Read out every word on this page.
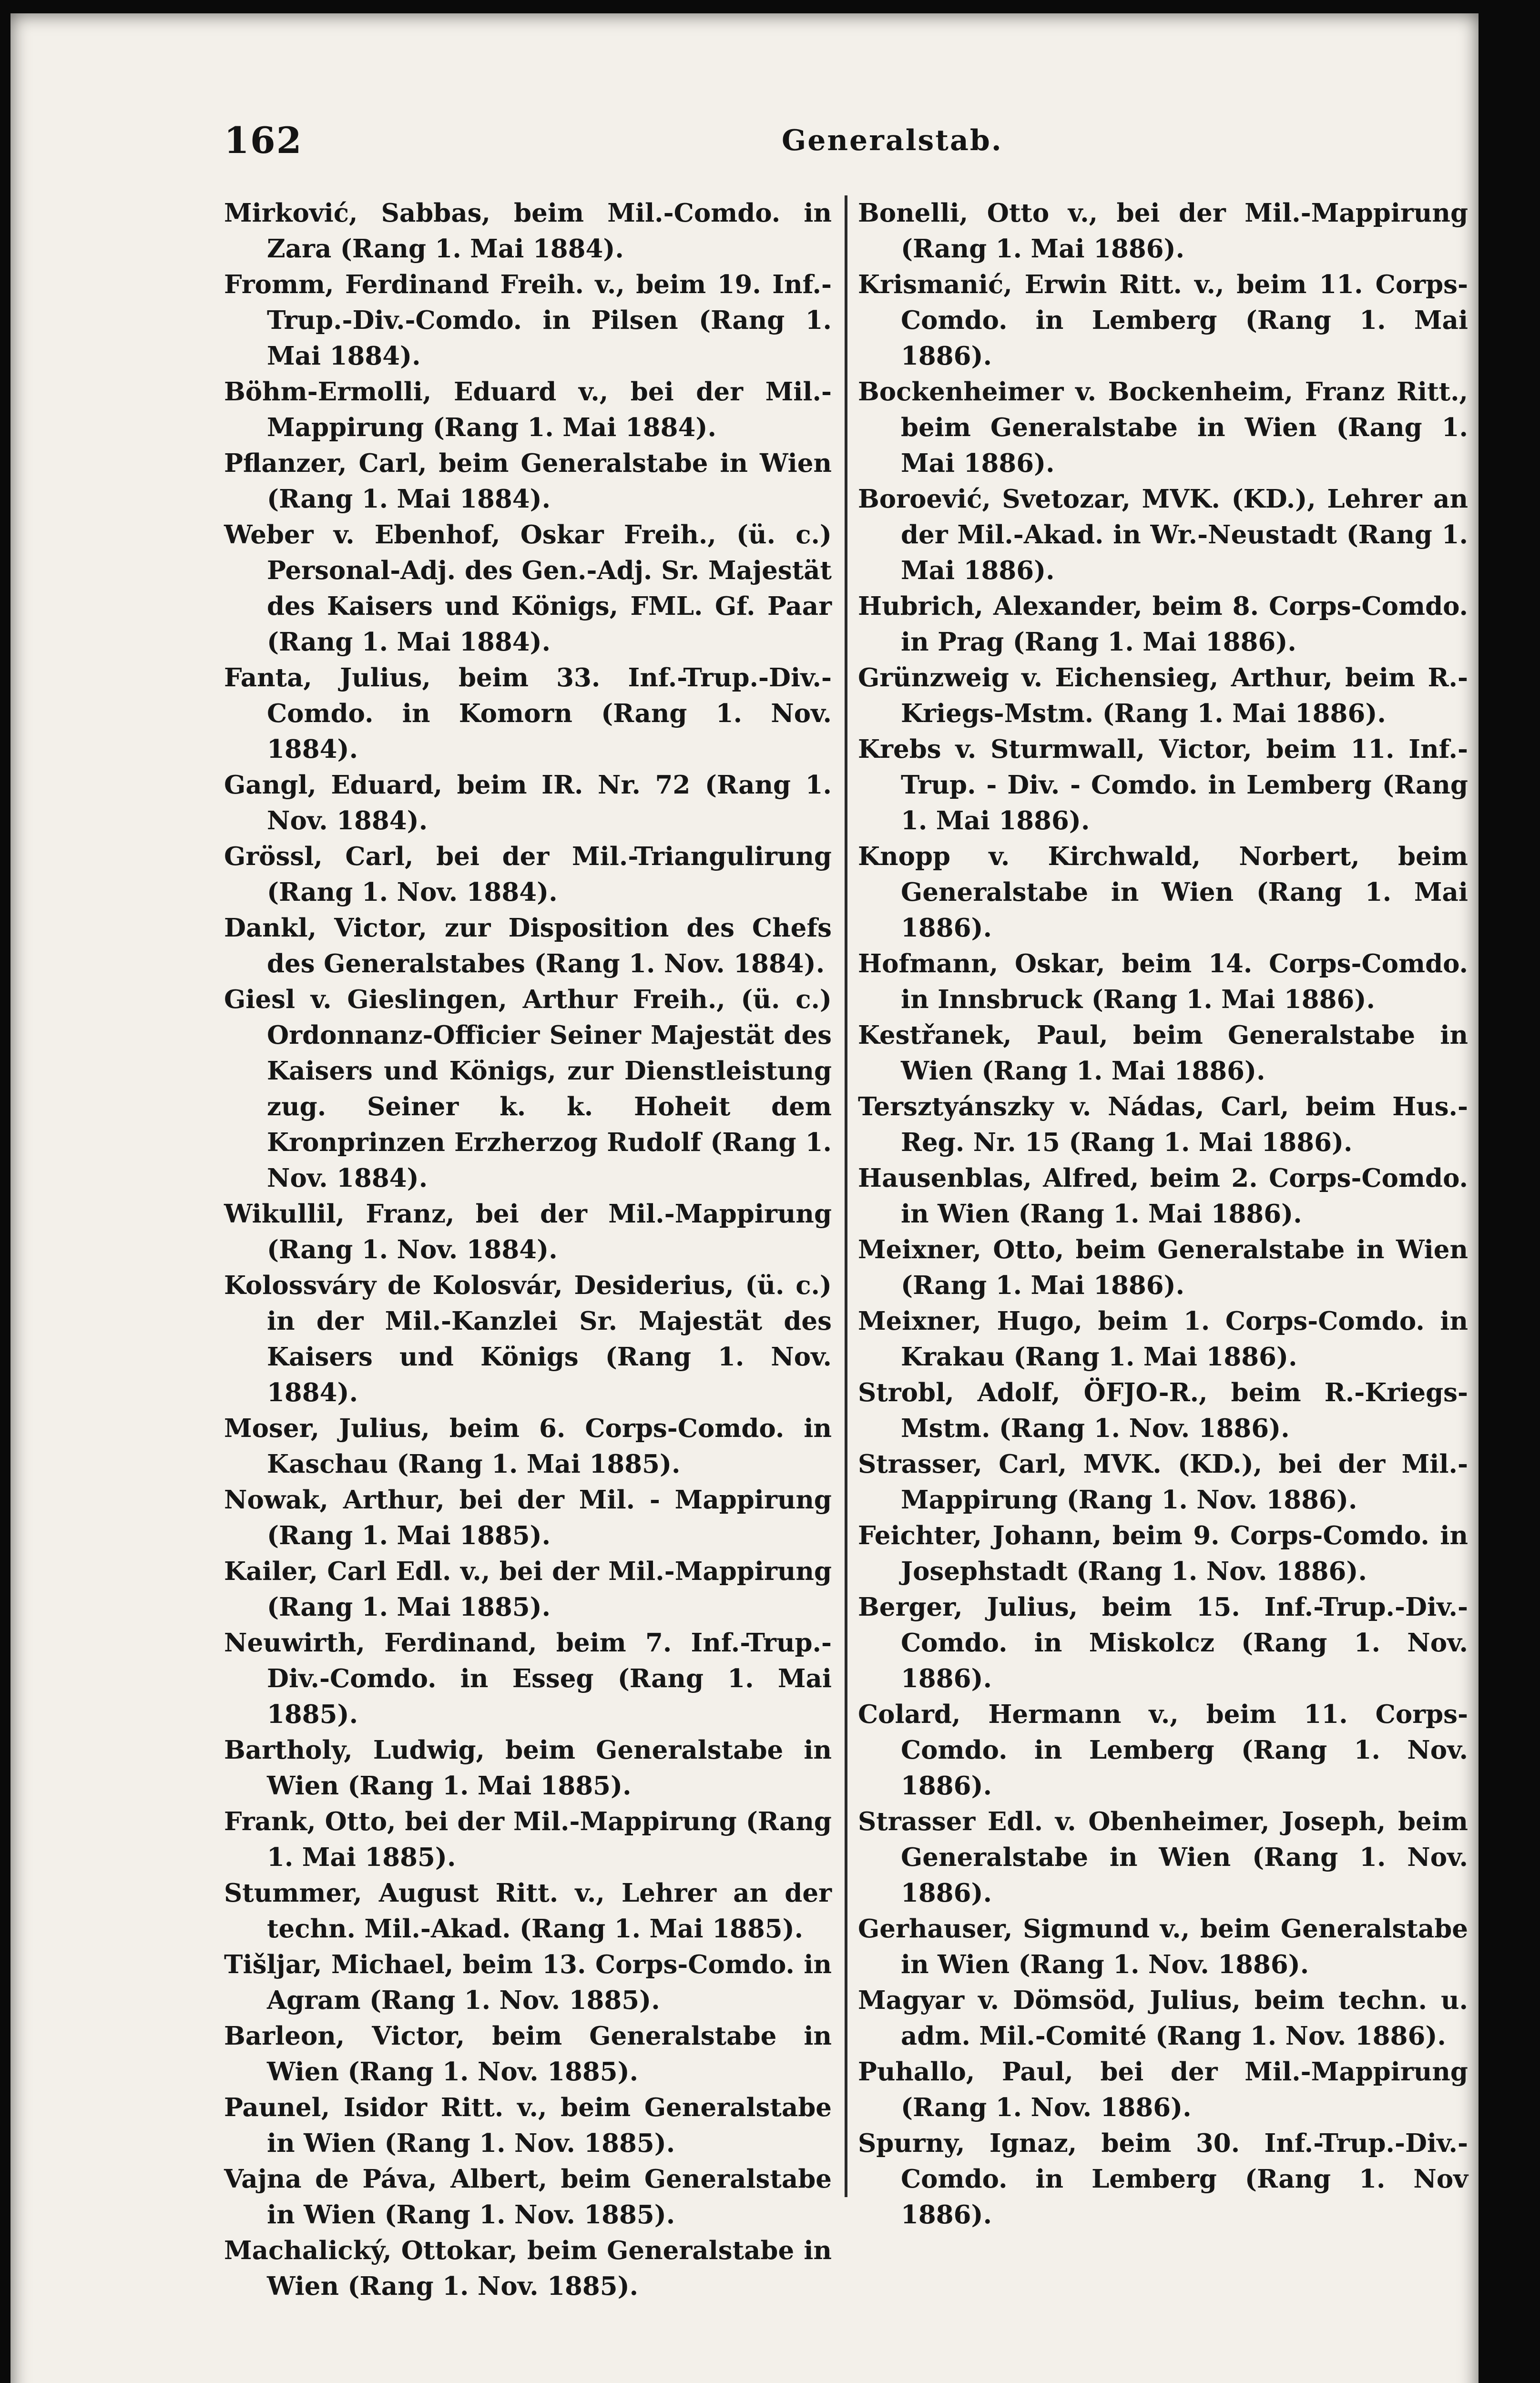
162	Generalstab.

Mirković, Sabbas, beim Mil.-Comdo. in Zara (Rang 1. Mai 1884).

Fromm, Ferdinand Freih. v., beim 19. Inf.-Trup.-Div.-Comdo. in Pilsen (Rang 1. Mai 1884).

Böhm-Ermolli, Eduard v., bei der Mil.-Mappirung (Rang 1. Mai 1884).

Pflanzer, Carl, beim Generalstabe in Wien (Rang 1. Mai 1884).

Weber v. Ebenhof, Oskar Freih., (ü. c.) Personal-Adj. des Gen.-Adj. Sr. Majestät des Kaisers und Königs, FML. Gf. Paar (Rang 1. Mai 1884).

Fanta, Julius, beim 33. Inf.-Trup.-Div.-Comdo. in Komorn (Rang 1. Nov. 1884).

Gangl, Eduard, beim IR. Nr. 72 (Rang 1. Nov. 1884).

Grössl, Carl, bei der Mil.-Triangulirung (Rang 1. Nov. 1884).

Dankl, Victor, zur Disposition des Chefs des Generalstabes (Rang 1. Nov. 1884).

Giesl v. Gieslingen, Arthur Freih., (ü. c.) Ordonnanz-Officier Seiner Majestät des Kaisers und Königs, zur Dienstleistung zug. Seiner k. k. Hoheit dem Kronprinzen Erzherzog Rudolf (Rang 1. Nov. 1884).

Wikullil, Franz, bei der Mil.-Mappirung (Rang 1. Nov. 1884).

Kolossváry de Kolosvár, Desiderius, (ü. c.) in der Mil.-Kanzlei Sr. Majestät des Kaisers und Königs (Rang 1. Nov. 1884).

Moser, Julius, beim 6. Corps-Comdo. in Kaschau (Rang 1. Mai 1885).

Nowak, Arthur, bei der Mil. - Mappirung (Rang 1. Mai 1885).

Kailer, Carl Edl. v., bei der Mil.-Mappirung (Rang 1. Mai 1885).

Neuwirth, Ferdinand, beim 7. Inf.-Trup.-Div.-Comdo. in Esseg (Rang 1. Mai 1885).

Bartholy, Ludwig, beim Generalstabe in Wien (Rang 1. Mai 1885).

Frank, Otto, bei der Mil.-Mappirung (Rang 1. Mai 1885).

Stummer, August Ritt. v., Lehrer an der techn. Mil.-Akad. (Rang 1. Mai 1885).

Tišljar, Michael, beim 13. Corps-Comdo. in Agram (Rang 1. Nov. 1885).

Barleon, Victor, beim Generalstabe in Wien (Rang 1. Nov. 1885).

Paunel, Isidor Ritt. v., beim Generalstabe in Wien (Rang 1. Nov. 1885).

Vajna de Páva, Albert, beim Generalstabe in Wien (Rang 1. Nov. 1885).

Machalický, Ottokar, beim Generalstabe in Wien (Rang 1. Nov. 1885).

Bonelli, Otto v., bei der Mil.-Mappirung (Rang 1. Mai 1886).

Krismanić, Erwin Ritt. v., beim 11. Corps-Comdo. in Lemberg (Rang 1. Mai 1886).

Bockenheimer v. Bockenheim, Franz Ritt., beim Generalstabe in Wien (Rang 1. Mai 1886).

Boroević, Svetozar, MVK. (KD.), Lehrer an der Mil.-Akad. in Wr.-Neustadt (Rang 1. Mai 1886).

Hubrich, Alexander, beim 8. Corps-Comdo. in Prag (Rang 1. Mai 1886).

Grünzweig v. Eichensieg, Arthur, beim R.-Kriegs-Mstm. (Rang 1. Mai 1886).

Krebs v. Sturmwall, Victor, beim 11. Inf.-Trup. - Div. - Comdo. in Lemberg (Rang 1. Mai 1886).

Knopp v. Kirchwald, Norbert, beim Generalstabe in Wien (Rang 1. Mai 1886).

Hofmann, Oskar, beim 14. Corps-Comdo. in Innsbruck (Rang 1. Mai 1886).

Kestřanek, Paul, beim Generalstabe in Wien (Rang 1. Mai 1886).

Tersztyánszky v. Nádas, Carl, beim Hus.-Reg. Nr. 15 (Rang 1. Mai 1886).

Hausenblas, Alfred, beim 2. Corps-Comdo. in Wien (Rang 1. Mai 1886).

Meixner, Otto, beim Generalstabe in Wien (Rang 1. Mai 1886).

Meixner, Hugo, beim 1. Corps-Comdo. in Krakau (Rang 1. Mai 1886).

Strobl, Adolf, ÖFJO-R., beim R.-Kriegs-Mstm. (Rang 1. Nov. 1886).

Strasser, Carl, MVK. (KD.), bei der Mil.-Mappirung (Rang 1. Nov. 1886).

Feichter, Johann, beim 9. Corps-Comdo. in Josephstadt (Rang 1. Nov. 1886).

Berger, Julius, beim 15. Inf.-Trup.-Div.-Comdo. in Miskolcz (Rang 1. Nov. 1886).

Colard, Hermann v., beim 11. Corps-Comdo. in Lemberg (Rang 1. Nov. 1886).

Strasser Edl. v. Obenheimer, Joseph, beim Generalstabe in Wien (Rang 1. Nov. 1886).

Gerhauser, Sigmund v., beim Generalstabe in Wien (Rang 1. Nov. 1886).

Magyar v. Dömsöd, Julius, beim techn. u. adm. Mil.-Comité (Rang 1. Nov. 1886).

Puhallo, Paul, bei der Mil.-Mappirung (Rang 1. Nov. 1886).

Spurny, Ignaz, beim 30. Inf.-Trup.-Div.-Comdo. in Lemberg (Rang 1. Nov 1886).
